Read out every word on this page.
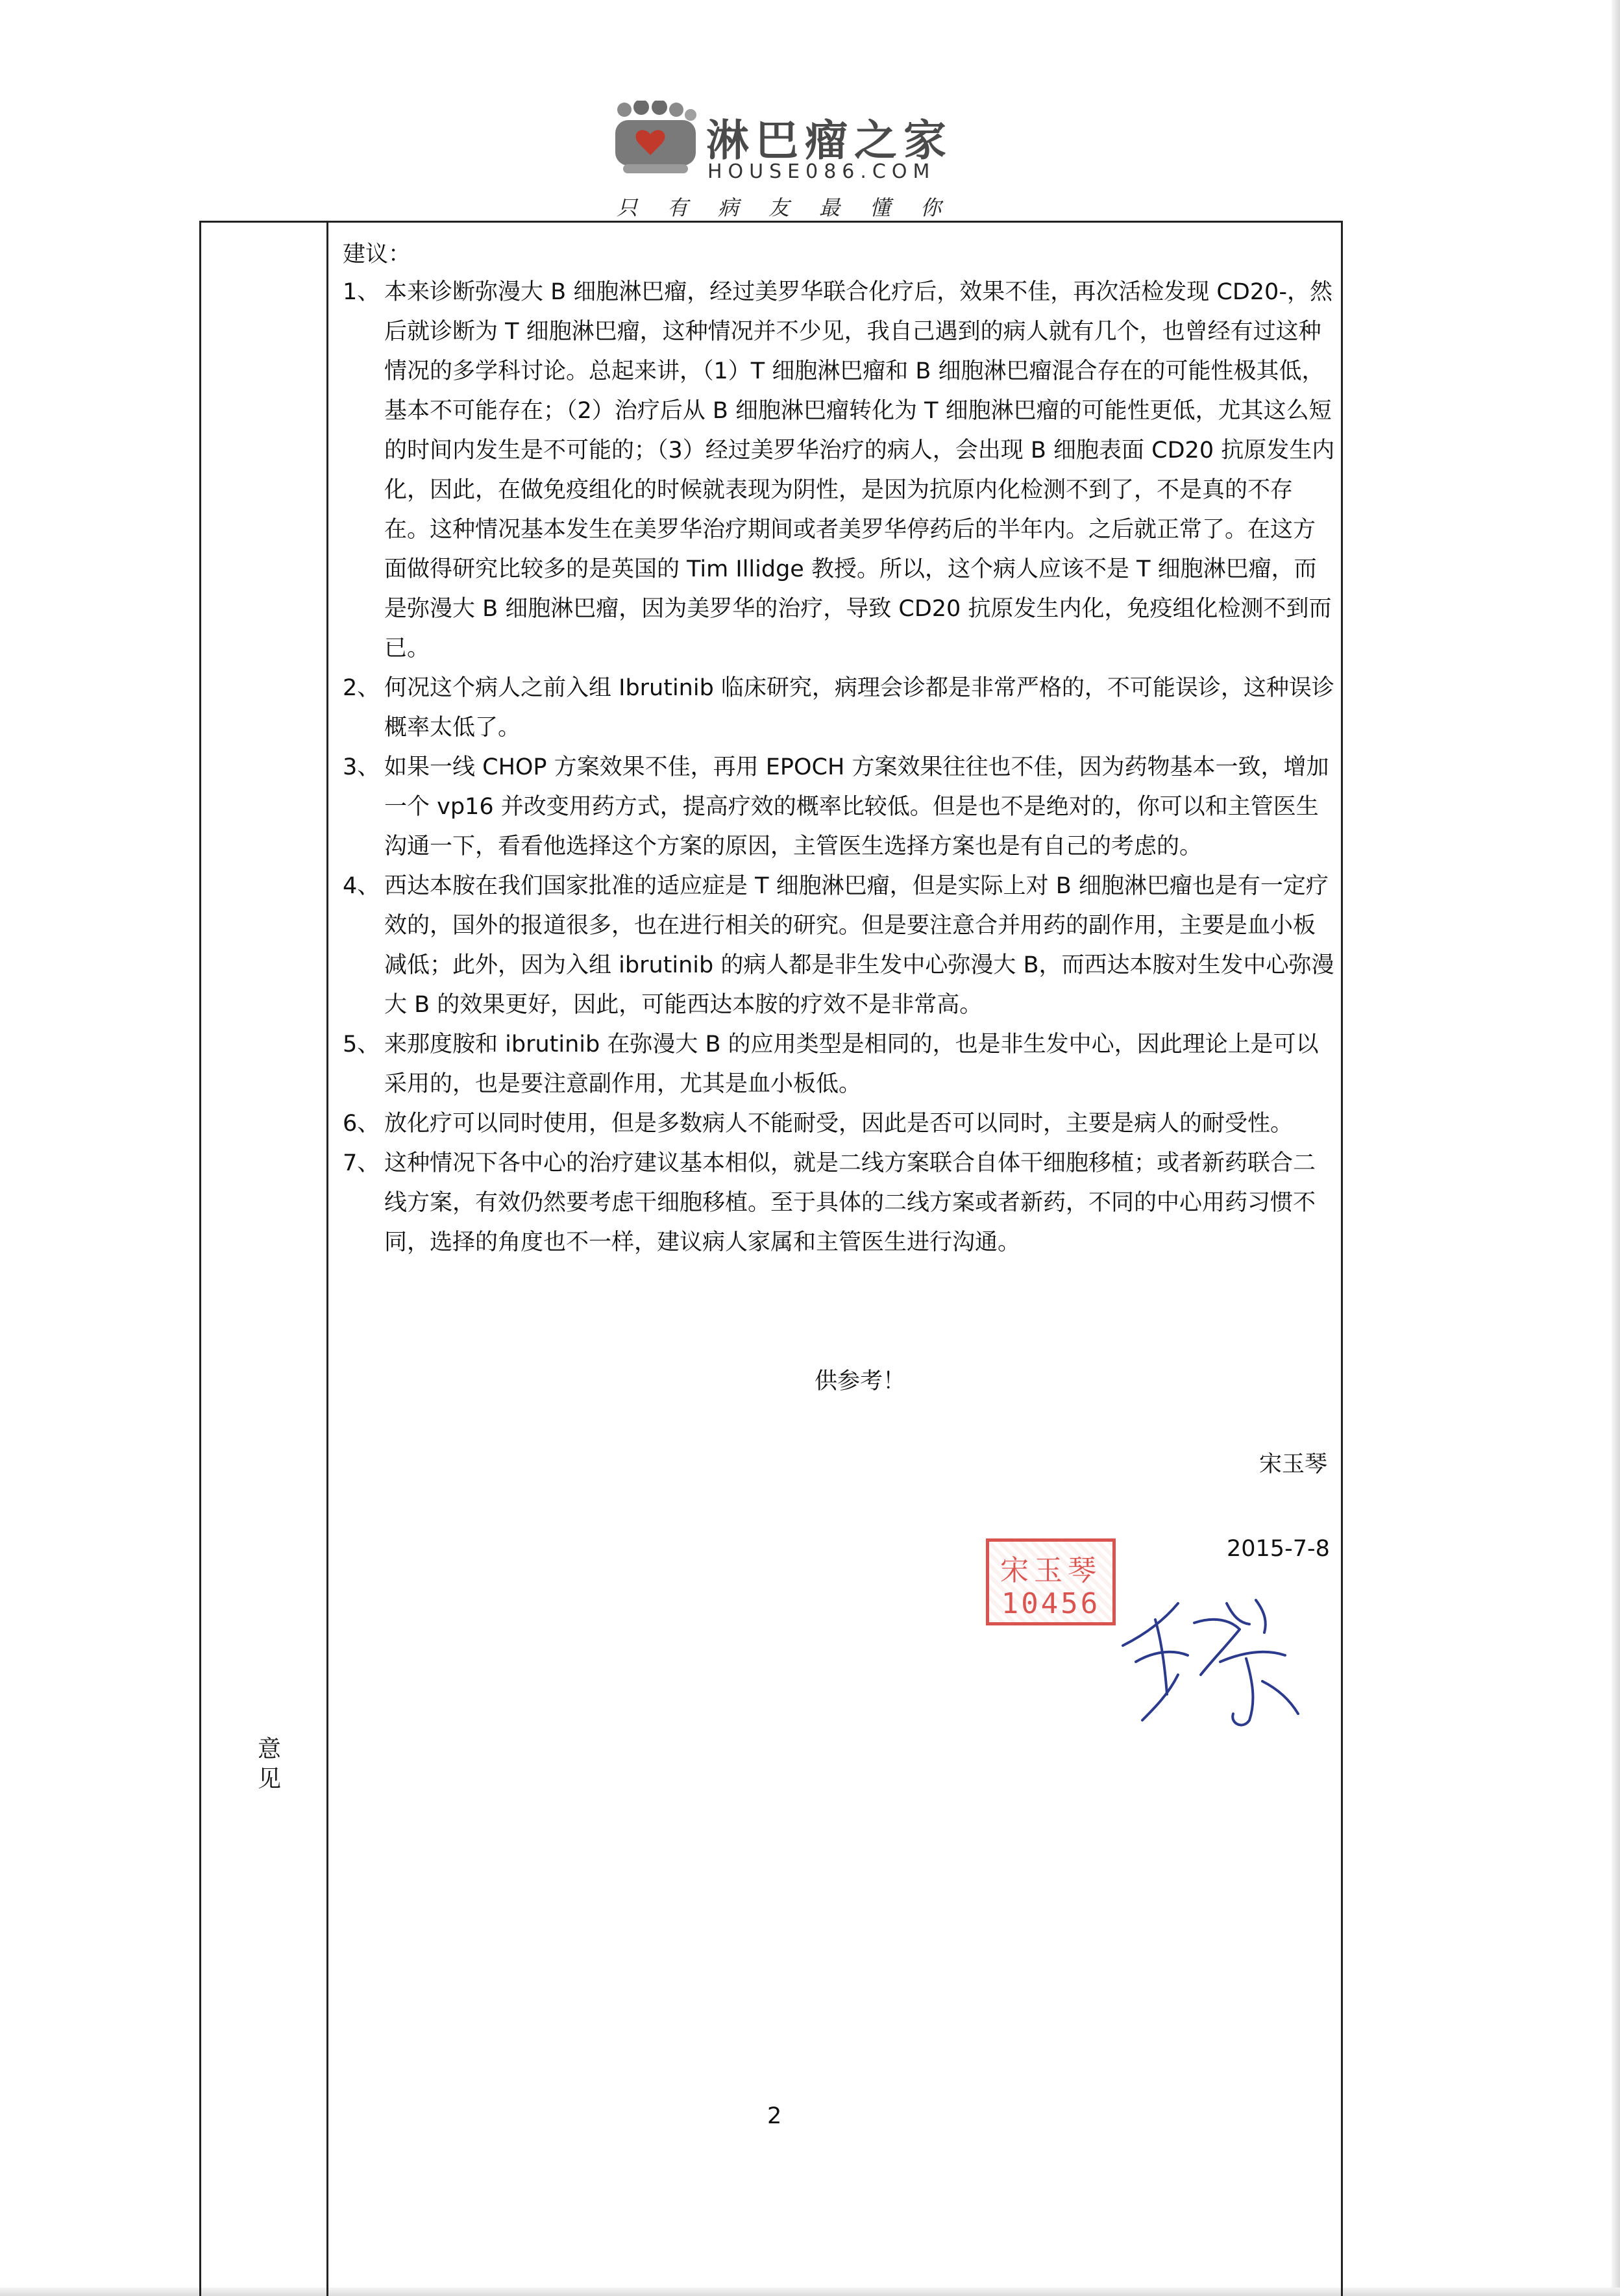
淋巴瘤之家
HOUSE086.COM
只有病友最懂你
意见

建议：

1、 本来诊断弥漫大 B 细胞淋巴瘤，经过美罗华联合化疗后，效果不佳，再次活检发现 CD20-，然后就诊断为 T 细胞淋巴瘤，这种情况并不少见，我自己遇到的病人就有几个，也曾经有过这种情况的多学科讨论。总起来讲，（1）T 细胞淋巴瘤和 B 细胞淋巴瘤混合存在的可能性极其低，基本不可能存在；（2）治疗后从 B 细胞淋巴瘤转化为 T 细胞淋巴瘤的可能性更低，尤其这么短的时间内发生是不可能的；（3）经过美罗华治疗的病人，会出现 B 细胞表面 CD20 抗原发生内化，因此，在做免疫组化的时候就表现为阴性，是因为抗原内化检测不到了，不是真的不存在。这种情况基本发生在美罗华治疗期间或者美罗华停药后的半年内。之后就正常了。在这方面做得研究比较多的是英国的 Tim Illidge 教授。所以，这个病人应该不是 T 细胞淋巴瘤，而是弥漫大 B 细胞淋巴瘤，因为美罗华的治疗，导致 CD20 抗原发生内化，免疫组化检测不到而已。

2、 何况这个病人之前入组 Ibrutinib 临床研究，病理会诊都是非常严格的，不可能误诊，这种误诊概率太低了。

3、 如果一线 CHOP 方案效果不佳，再用 EPOCH 方案效果往往也不佳，因为药物基本一致，增加一个 vp16 并改变用药方式，提高疗效的概率比较低。但是也不是绝对的，你可以和主管医生沟通一下，看看他选择这个方案的原因，主管医生选择方案也是有自己的考虑的。

4、 西达本胺在我们国家批准的适应症是 T 细胞淋巴瘤，但是实际上对 B 细胞淋巴瘤也是有一定疗效的，国外的报道很多，也在进行相关的研究。但是要注意合并用药的副作用，主要是血小板减低；此外，因为入组 ibrutinib 的病人都是非生发中心弥漫大 B，而西达本胺对生发中心弥漫大 B 的效果更好，因此，可能西达本胺的疗效不是非常高。

5、 来那度胺和 ibrutinib 在弥漫大 B 的应用类型是相同的，也是非生发中心，因此理论上是可以采用的，也是要注意副作用，尤其是血小板低。

6、 放化疗可以同时使用，但是多数病人不能耐受，因此是否可以同时，主要是病人的耐受性。

7、 这种情况下各中心的治疗建议基本相似，就是二线方案联合自体干细胞移植；或者新药联合二线方案，有效仍然要考虑干细胞移植。至于具体的二线方案或者新药，不同的中心用药习惯不同，选择的角度也不一样，建议病人家属和主管医生进行沟通。

供参考！
宋玉琴
2015-7-8
宋玉琴
10456
2
